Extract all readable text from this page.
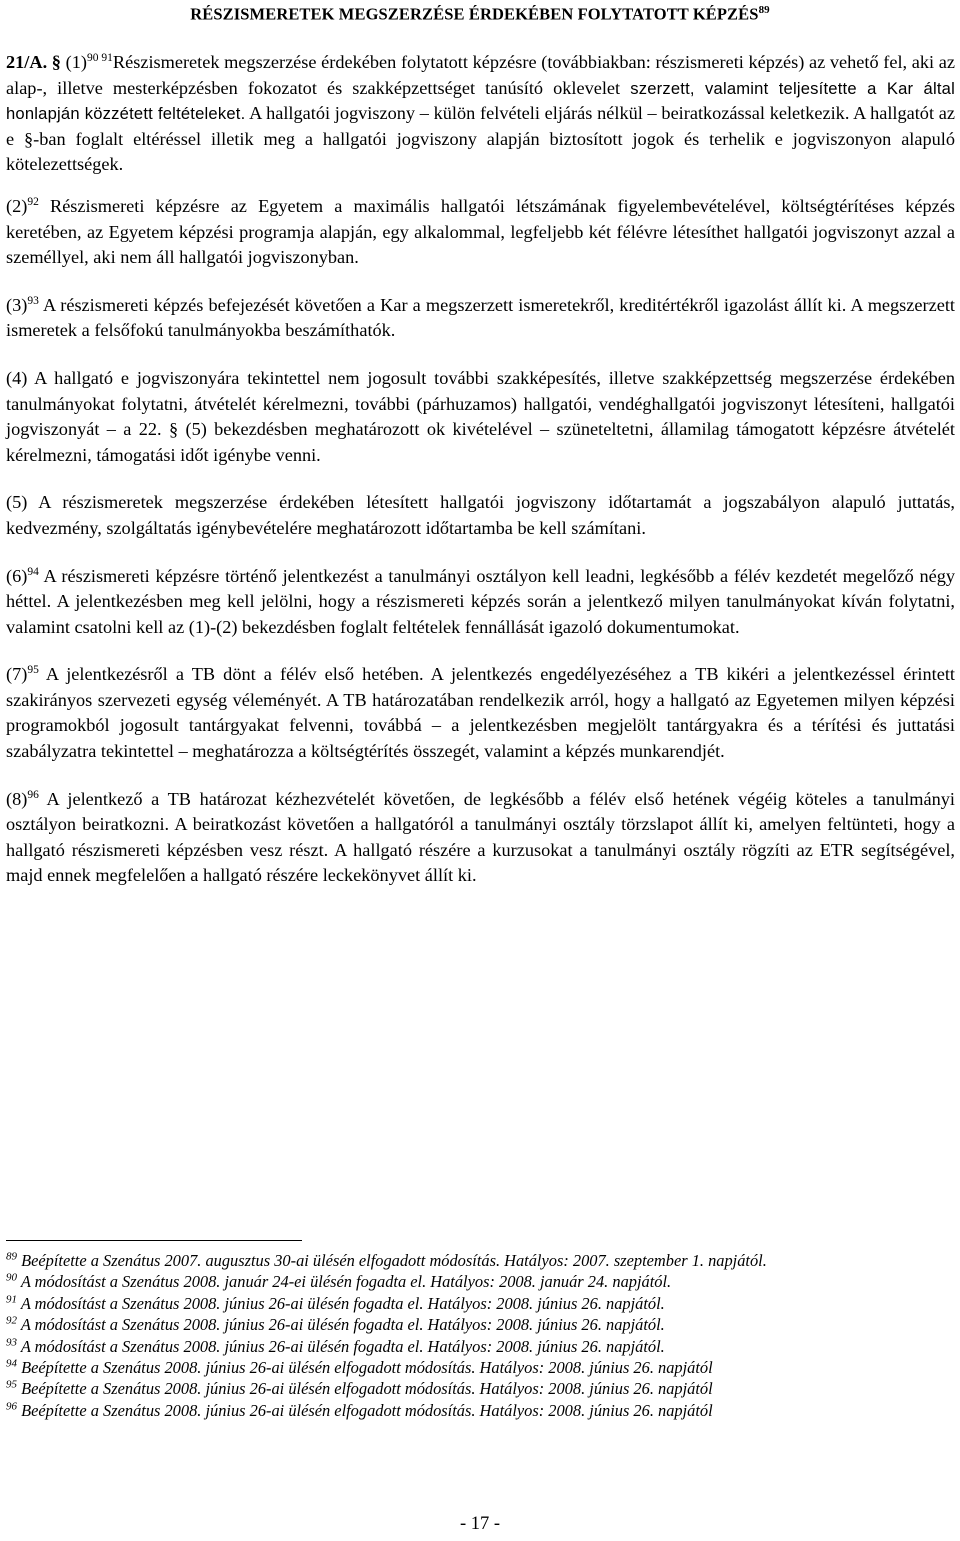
RÉSZISMERETEK MEGSZERZÉSE ÉRDEKÉBEN FOLYTATOTT KÉPZÉS$^{89}$

21/A. § $(1)^{90 91}Részismeretek$ megszerzése érdekében folytatott képzésre (továbbiakban: részismereti képzés) az vehető fel, aki az alap-, illetve mesterképzésben fokozatot és szakképzettséget tanúsító oklevelet szerzett, valamint teljesítette a Kar által honlapján közzétett feltételeket. A hallgatói jogviszony – külön felvételi eljárás nélkül – beiratkozással keletkezik. A hallgatót az e §-ban foglalt eltéréssel illetik meg a hallgatói jogviszony alapján biztosított jogok és terhelik e jogviszonyon alapuló kötelezettségek.

$(2)^{92}$ Részismereti képzésre az Egyetem a maximális hallgatói létszámának figyelembevételével, költségtérítéses képzés keretében, az Egyetem képzési programja alapján, egy alkalommal, legfeljebb két félévre létesíthet hallgatói jogviszonyt azzal a személlyel, aki nem áll hallgatói jogviszonyban.

$(3)^{93}$ A részismereti képzés befejezését követően a Kar a megszerzett ismeretekről, kreditértékről igazolást állít ki. A megszerzett ismeretek a felsőfokú tanulmányokba beszámíthatók.

(4) A hallgató e jogviszonyára tekintettel nem jogosult további szakképesítés, illetve szakképzettség megszerzése érdekében tanulmányokat folytatni, átvételét kérelmezni, további (párhuzamos) hallgatói, vendéghallgatói jogviszonyt létesíteni, hallgatói jogviszonyát – a 22. § (5) bekezdésben meghatározott ok kivételével – szüneteltetni, államilag támogatott képzésre átvételét kérelmezni, támogatási időt igénybe venni.

(5) A részismeretek megszerzése érdekében létesített hallgatói jogviszony időtartamát a jogszabályon alapuló juttatás, kedvezmény, szolgáltatás igénybevételére meghatározott időtartamba be kell számítani.

$(6)^{94}$ A részismereti képzésre történő jelentkezést a tanulmányi osztályon kell leadni, legkésőbb a félév kezdetét megelőző négy héttel. A jelentkezésben meg kell jelölni, hogy a részismereti képzés során a jelentkező milyen tanulmányokat kíván folytatni, valamint csatolni kell az (1)-(2) bekezdésben foglalt feltételek fennállását igazoló dokumentumokat.

$(7)^{95}$ A jelentkezésről a TB dönt a félév első hetében. A jelentkezés engedélyezéséhez a TB kikéri a jelentkezéssel érintett szakirányos szervezeti egység véleményét. A TB határozatában rendelkezik arról, hogy a hallgató az Egyetemen milyen képzési programokból jogosult tantárgyakat felvenni, továbbá – a jelentkezésben megjelölt tantárgyakra és a térítési és juttatási szabályzatra tekintettel – meghatározza a költségtérítés összegét, valamint a képzés munkarendjét.

$(8)^{96}$ A jelentkező a TB határozat kézhezvételét követően, de legkésőbb a félév első hetének végéig köteles a tanulmányi osztályon beiratkozni. A beiratkozást követően a hallgatóról a tanulmányi osztály törzslapot állít ki, amelyen feltünteti, hogy a hallgató részismereti képzésben vesz részt. A hallgató részére a kurzusokat a tanulmányi osztály rögzíti az ETR segítségével, majd ennek megfelelően a hallgató részére leckekönyvet állít ki.

$^{89}$ Beépítette a Szenátus 2007. augusztus 30-ai ülésén elfogadott módosítás. Hatályos: 2007. szeptember 1. napjától.

$^{90}$ A módosítást a Szenátus 2008. január 24-ei ülésén fogadta el. Hatályos: 2008. január 24. napjától.

$^{91}$ A módosítást a Szenátus 2008. június 26-ai ülésén fogadta el. Hatályos: 2008. június 26. napjától.

$^{92}$ A módosítást a Szenátus 2008. június 26-ai ülésén fogadta el. Hatályos: 2008. június 26. napjától.

$^{93}$ A módosítást a Szenátus 2008. június 26-ai ülésén fogadta el. Hatályos: 2008. június 26. napjától.

$^{94}$ Beépítette a Szenátus 2008. június 26-ai ülésén elfogadott módosítás. Hatályos: 2008. június 26. napjától

$^{95}$ Beépítette a Szenátus 2008. június 26-ai ülésén elfogadott módosítás. Hatályos: 2008. június 26. napjától

$^{96}$ Beépítette a Szenátus 2008. június 26-ai ülésén elfogadott módosítás. Hatályos: 2008. június 26. napjától

- 17 -
